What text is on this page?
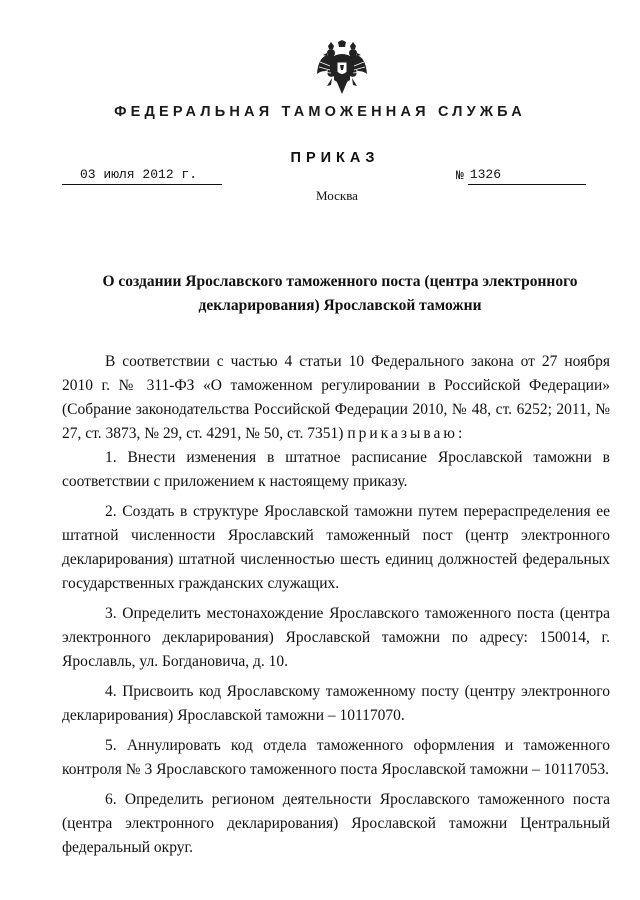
ФЕДЕРАЛЬНАЯ ТАМОЖЕННАЯ СЛУЖБА
ПРИКАЗ
03 июля 2012 г.	№ 1326
Москва
О создании Ярославского таможенного поста (центра электронного
декларирования) Ярославской таможни

В соответствии с частью 4 статьи 10 Федерального закона от 27 ноября 2010 г. № 311-ФЗ «О таможенном регулировании в Российской Федерации» (Собрание законодательства Российской Федерации 2010, № 48, ст. 6252; 2011, № 27, ст. 3873, № 29, ст. 4291, № 50, ст. 7351) приказываю:

1. Внести изменения в штатное расписание Ярославской таможни в соответствии с приложением к настоящему приказу.

2. Создать в структуре Ярославской таможни путем перераспределения ее штатной численности Ярославский таможенный пост (центр электронного декларирования) штатной численностью шесть единиц должностей федеральных государственных гражданских служащих.

3. Определить местонахождение Ярославского таможенного поста (центра электронного декларирования) Ярославской таможни по адресу: 150014, г. Ярославль, ул. Богдановича, д. 10.

4. Присвоить код Ярославскому таможенному посту (центру электронного декларирования) Ярославской таможни – 10117070.

5. Аннулировать код отдела таможенного оформления и таможенного контроля № 3 Ярославского таможенного поста Ярославской таможни – 10117053.

6. Определить регионом деятельности Ярославского таможенного поста (центра электронного декларирования) Ярославской таможни Центральный федеральный округ.
